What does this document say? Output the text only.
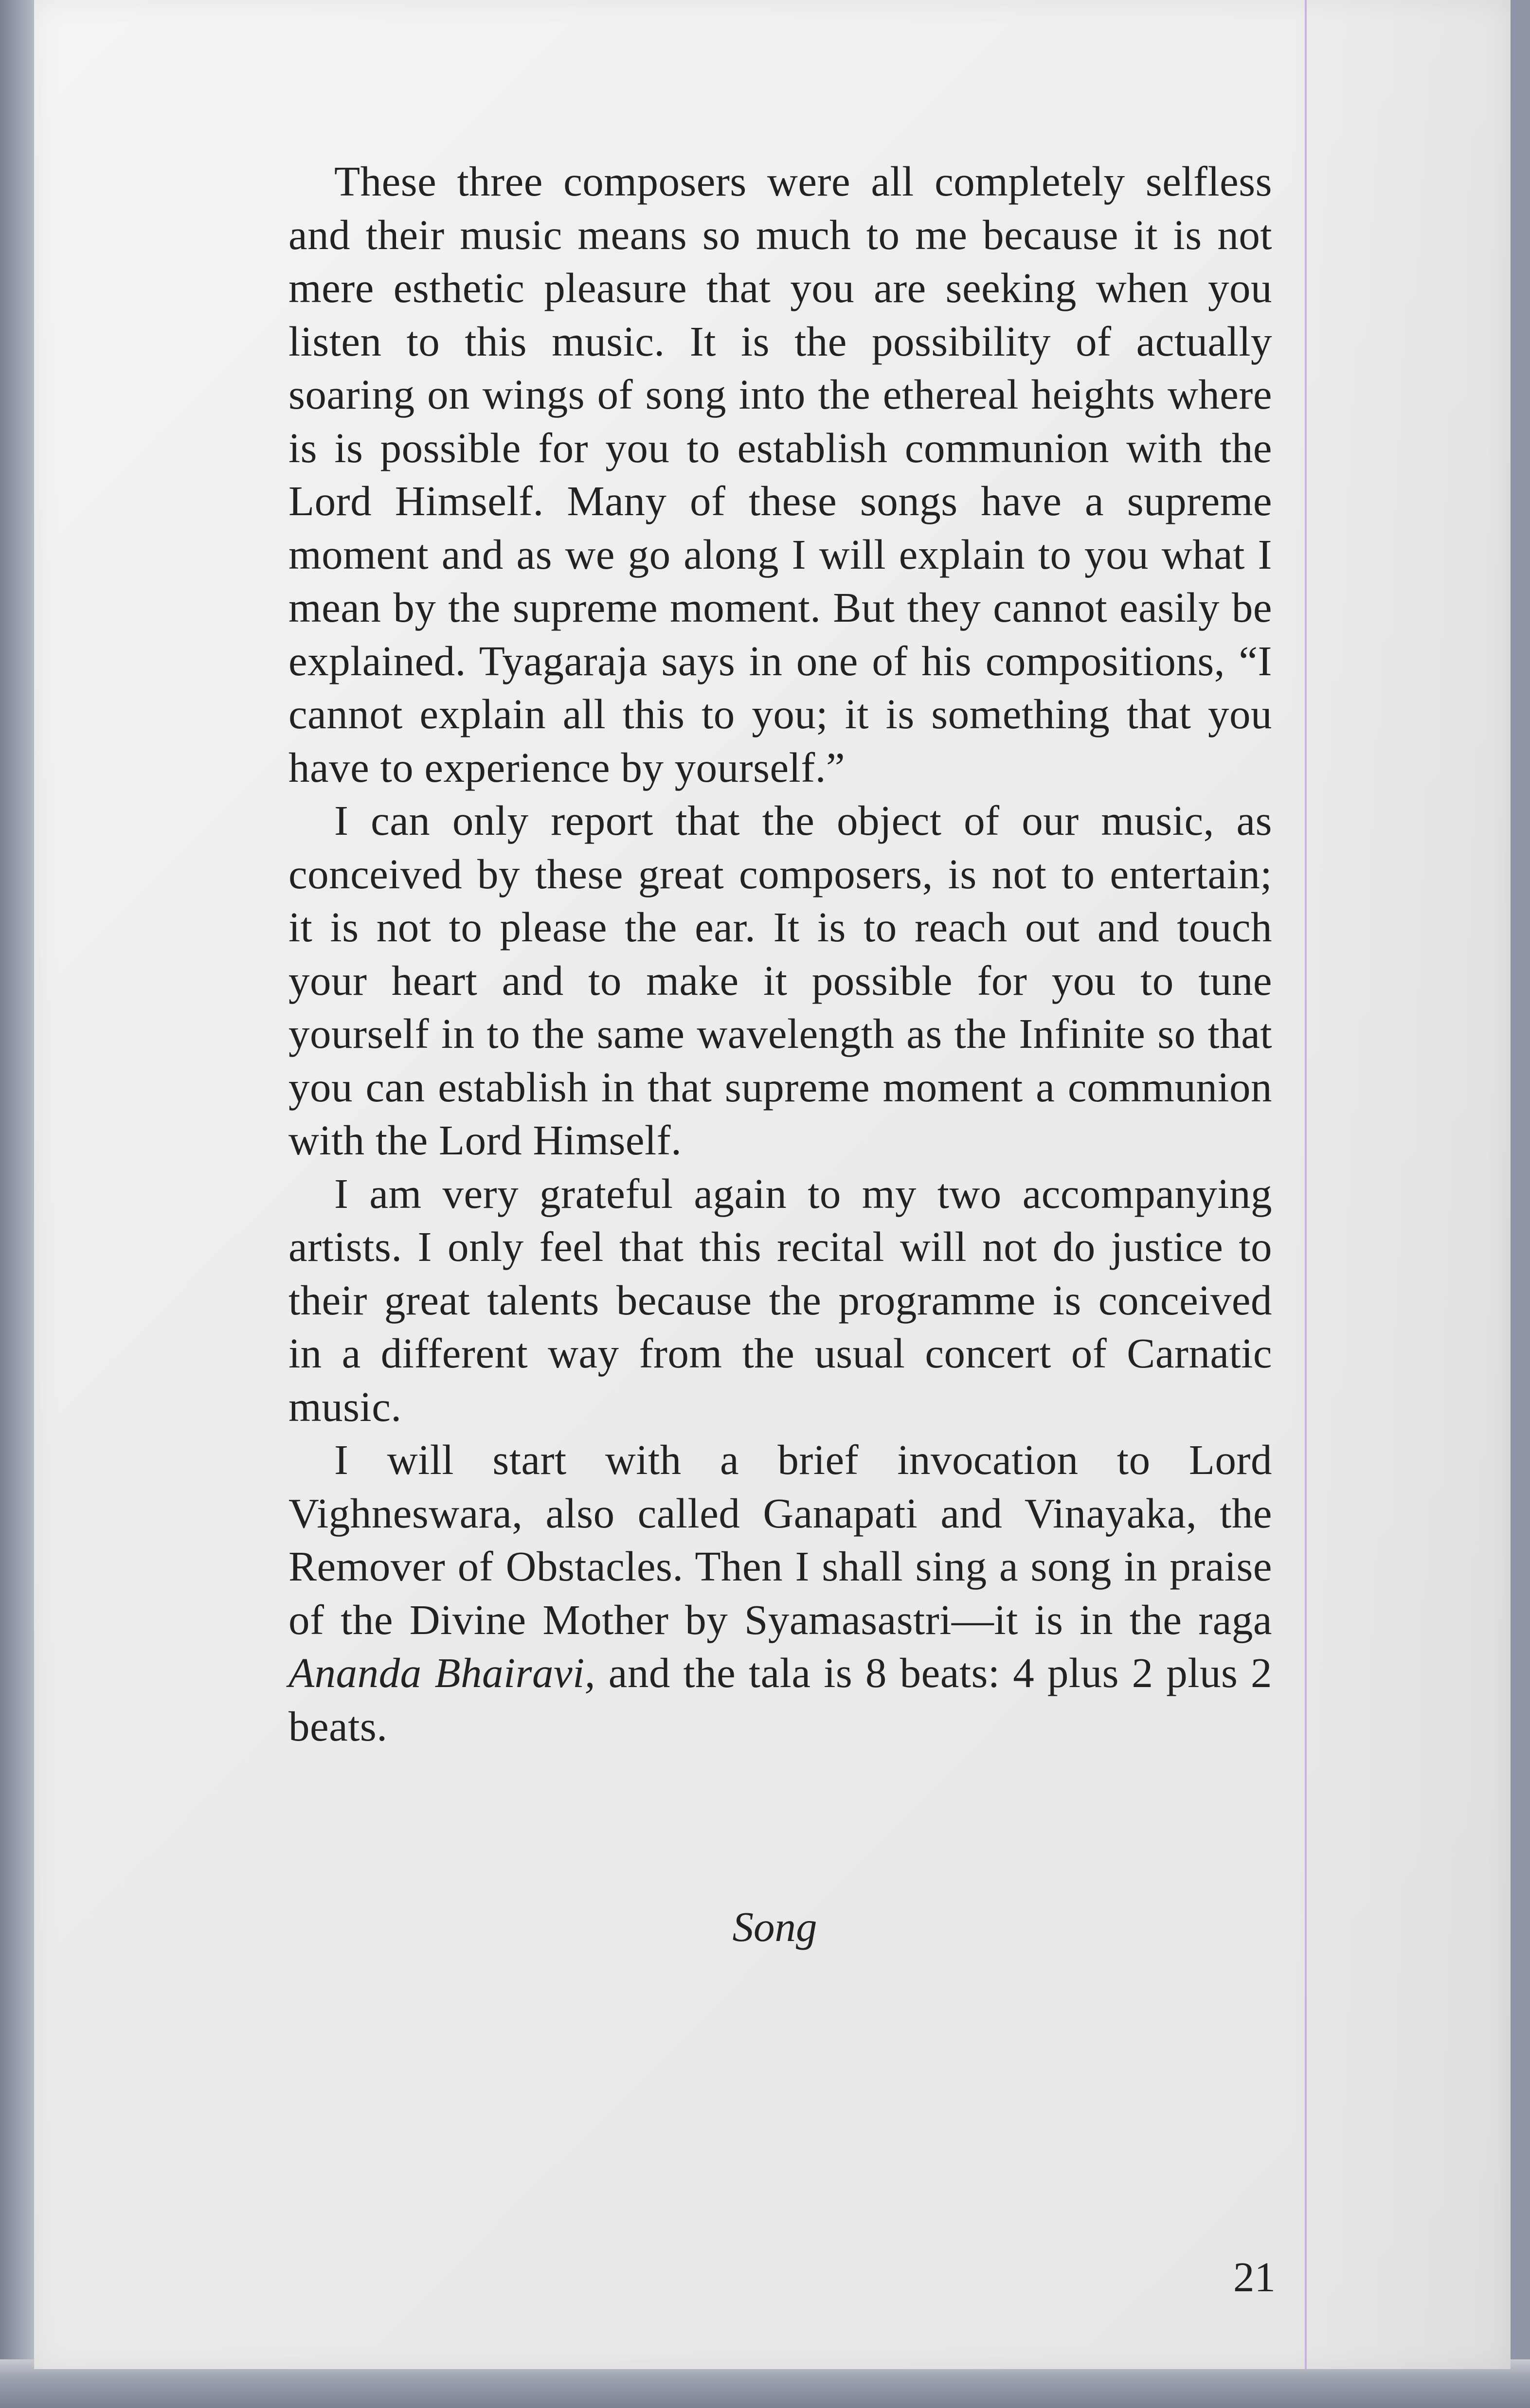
These three composers were all completely selfless and their music means so much to me because it is not mere esthetic pleasure that you are seeking when you listen to this music. It is the possibility of actually soaring on wings of song into the ethereal heights where is is possible for you to establish communion with the Lord Himself. Many of these songs have a supreme moment and as we go along I will explain to you what I mean by the supreme moment. But they cannot easily be explained. Tyagaraja says in one of his compositions, “I cannot explain all this to you; it is something that you have to experience by yourself.”

I can only report that the object of our music, as conceived by these great composers, is not to entertain; it is not to please the ear. It is to reach out and touch your heart and to make it possible for you to tune yourself in to the same wavelength as the Infinite so that you can establish in that supreme moment a communion with the Lord Himself.

I am very grateful again to my two accompanying artists. I only feel that this recital will not do justice to their great talents because the programme is conceived in a different way from the usual concert of Carnatic music.

I will start with a brief invocation to Lord Vighneswara, also called Ganapati and Vinayaka, the Remover of Obstacles. Then I shall sing a song in praise of the Divine Mother by Syamasastri—it is in the raga Ananda Bhairavi, and the tala is 8 beats: 4 plus 2 plus 2 beats.

Song
21
